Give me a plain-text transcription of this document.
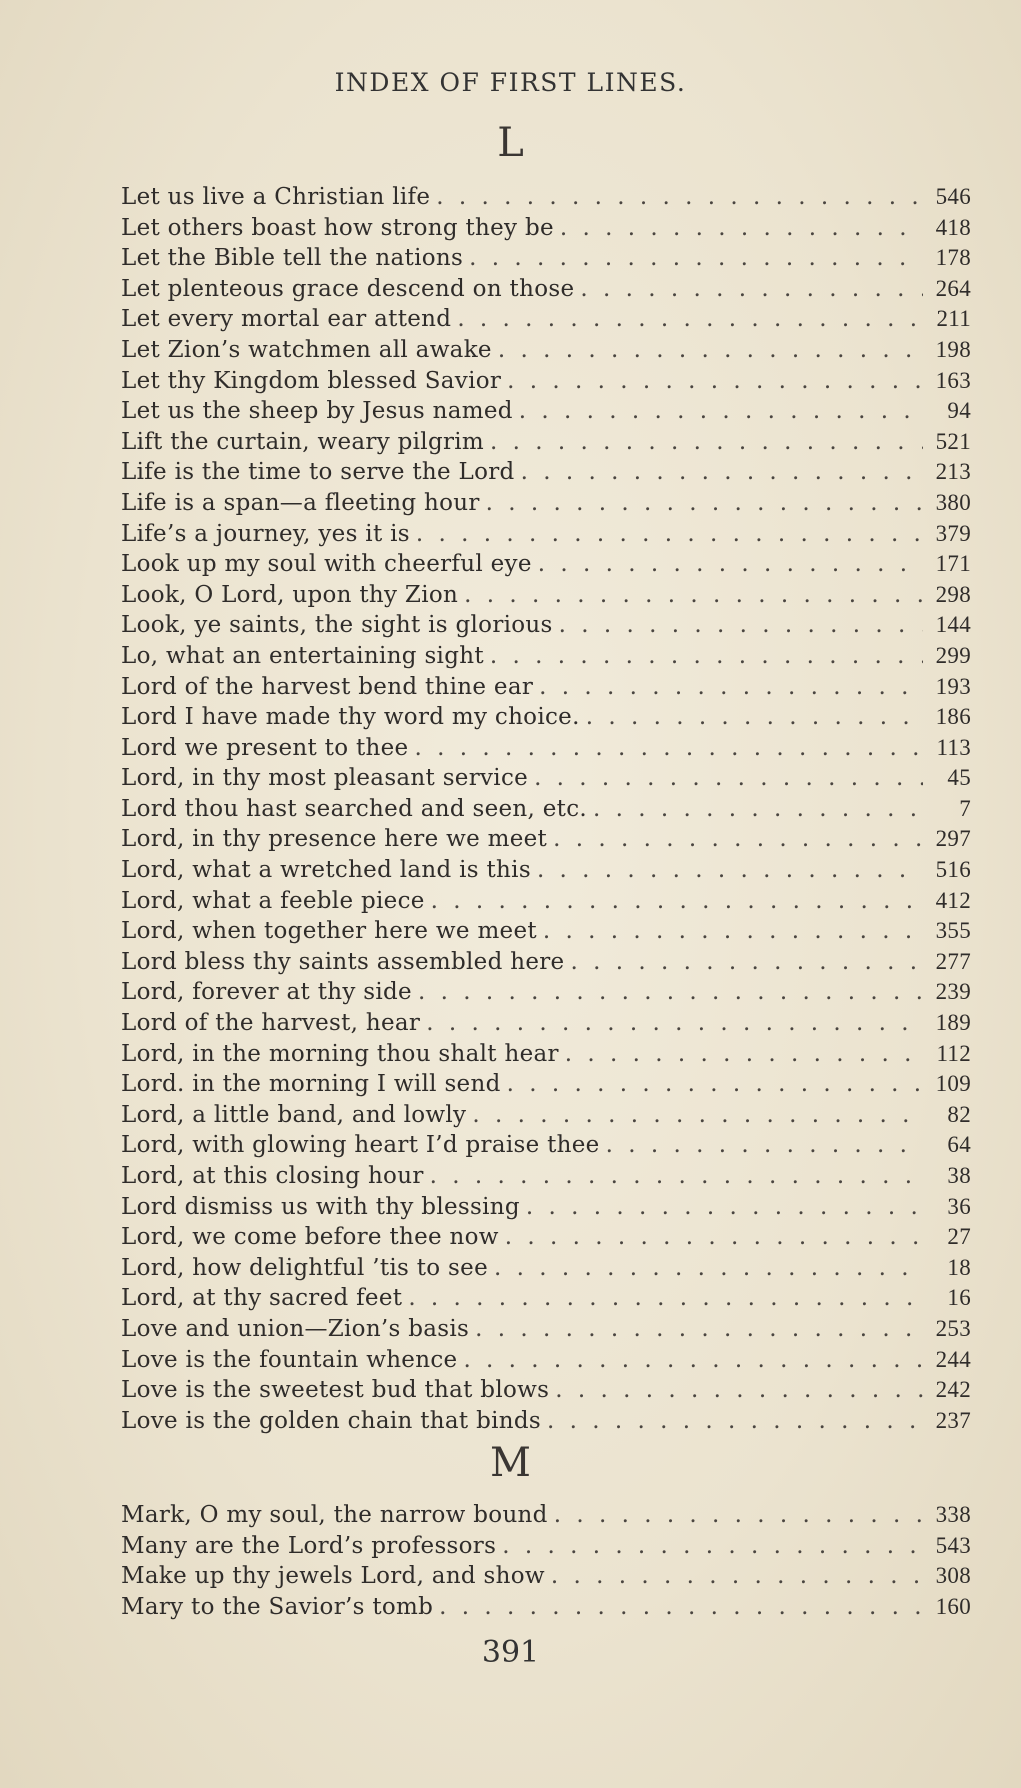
INDEX OF FIRST LINES.
L
Let us live a Christian life . . .	546
Let others boast how strong they be . . .	418
Let the Bible tell the nations . . .	178
Let plenteous grace descend on those . . .	264
Let every mortal ear attend . . .	211
Let Zion’s watchmen all awake . . .	198
Let thy Kingdom blessed Savior . . .	163
Let us the sheep by Jesus named . . .	94
Lift the curtain, weary pilgrim . . .	521
Life is the time to serve the Lord . . .	213
Life is a span—a fleeting hour . . .	380
Life’s a journey, yes it is . . .	379
Look up my soul with cheerful eye . . .	171
Look, O Lord, upon thy Zion . . .	298
Look, ye saints, the sight is glorious . . .	144
Lo, what an entertaining sight . . .	299
Lord of the harvest bend thine ear . . .	193
Lord I have made thy word my choice. . . .	186
Lord we present to thee . . .	113
Lord, in thy most pleasant service . . .	45
Lord thou hast searched and seen, etc. . . .	7
Lord, in thy presence here we meet . . .	297
Lord, what a wretched land is this . . .	516
Lord, what a feeble piece . . .	412
Lord, when together here we meet . . .	355
Lord bless thy saints assembled here . . .	277
Lord, forever at thy side . . .	239
Lord of the harvest, hear . . .	189
Lord, in the morning thou shalt hear . . .	112
Lord. in the morning I will send . . .	109
Lord, a little band, and lowly . . .	82
Lord, with glowing heart I’d praise thee . . .	64
Lord, at this closing hour . . .	38
Lord dismiss us with thy blessing . . .	36
Lord, we come before thee now . . .	27
Lord, how delightful ’tis to see . . .	18
Lord, at thy sacred feet . . .	16
Love and union—Zion’s basis . . .	253
Love is the fountain whence . . .	244
Love is the sweetest bud that blows . . .	242
Love is the golden chain that binds . . .	237
M
Mark, O my soul, the narrow bound . . .	338
Many are the Lord’s professors . . .	543
Make up thy jewels Lord, and show . . .	308
Mary to the Savior’s tomb . . .	160
391
